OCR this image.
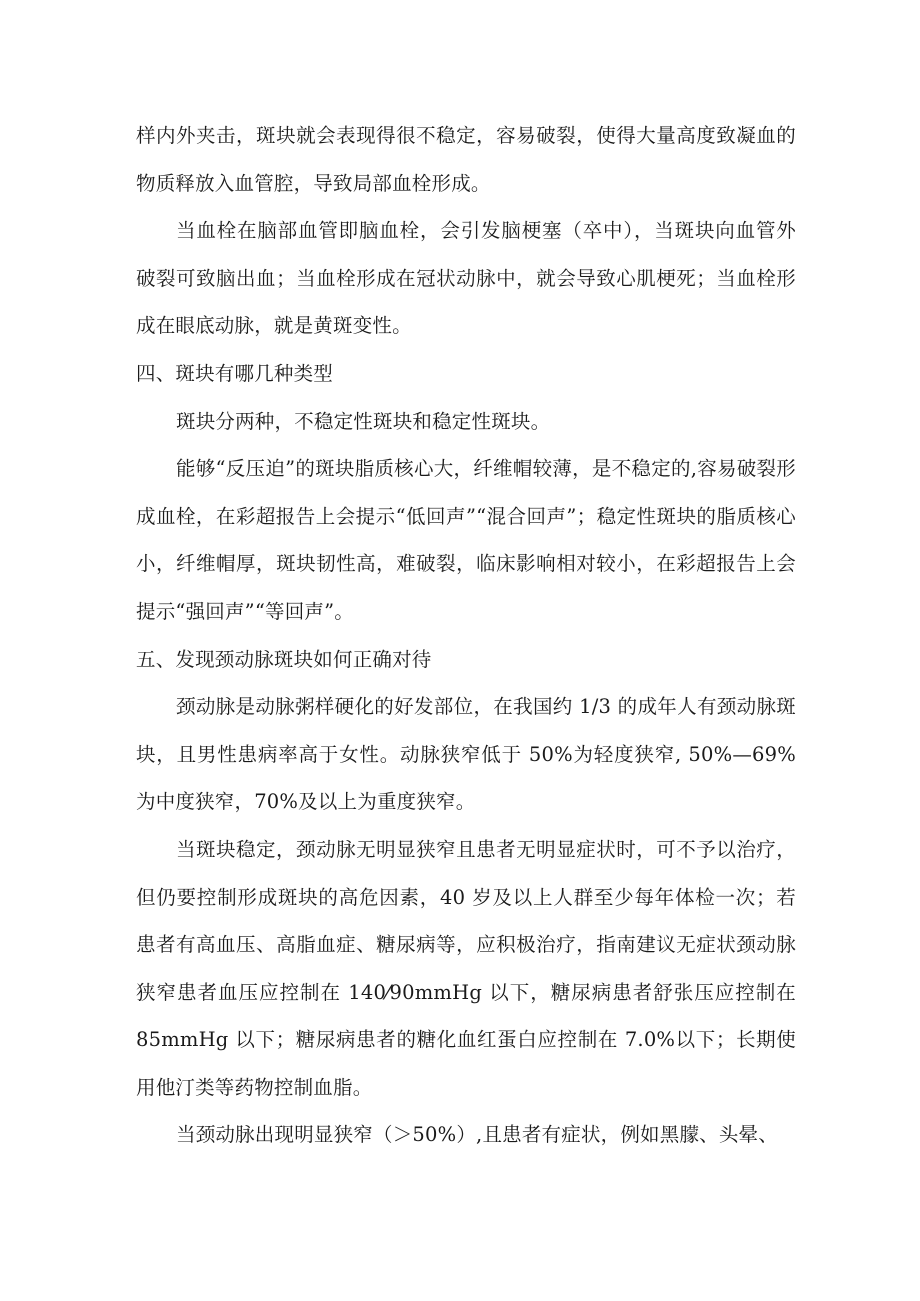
样内外夹击，斑块就会表现得很不稳定，容易破裂，使得大量高度致凝血的物质释放入血管腔，导致局部血栓形成。

当血栓在脑部血管即脑血栓，会引发脑梗塞（卒中），当斑块向血管外破裂可致脑出血；当血栓形成在冠状动脉中，就会导致心肌梗死；当血栓形成在眼底动脉，就是黄斑变性。

四、斑块有哪几种类型

斑块分两种，不稳定性斑块和稳定性斑块。

能够“反压迫”的斑块脂质核心大，纤维帽较薄，是不稳定的,容易破裂形成血栓，在彩超报告上会提示“低回声”“混合回声”；稳定性斑块的脂质核心小，纤维帽厚，斑块韧性高，难破裂，临床影响相对较小，在彩超报告上会提示“强回声”“等回声”。

五、发现颈动脉斑块如何正确对待

颈动脉是动脉粥样硬化的好发部位，在我国约 1/3 的成年人有颈动脉斑块，且男性患病率高于女性。动脉狭窄低于 50%为轻度狭窄, 50%—69%为中度狭窄，70%及以上为重度狭窄。

当斑块稳定，颈动脉无明显狭窄且患者无明显症状时，可不予以治疗，但仍要控制形成斑块的高危因素，40 岁及以上人群至少每年体检一次；若患者有高血压、高脂血症、糖尿病等，应积极治疗，指南建议无症状颈动脉狭窄患者血压应控制在 140⁄90mmHg 以下，糖尿病患者舒张压应控制在 85mmHg 以下；糖尿病患者的糖化血红蛋白应控制在 7.0%以下；长期使用他汀类等药物控制血脂。

当颈动脉出现明显狭窄（＞50%）,且患者有症状，例如黑朦、头晕、
